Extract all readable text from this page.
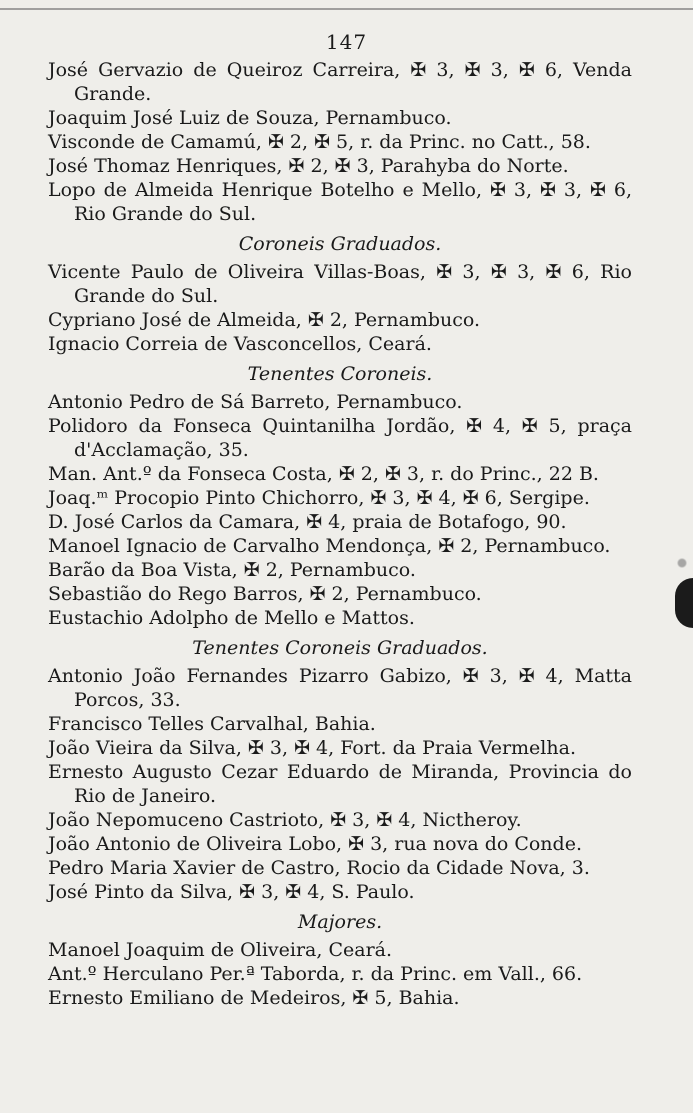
147
José Gervazio de Queiroz Carreira, ✠ 3, ✠ 3, ✠ 6, Venda Grande.
Joaquim José Luiz de Souza, Pernambuco.
Visconde de Camamú, ✠ 2, ✠ 5, r. da Princ. no Catt., 58.
José Thomaz Henriques, ✠ 2, ✠ 3, Parahyba do Norte.
Lopo de Almeida Henrique Botelho e Mello, ✠ 3, ✠ 3, ✠ 6, Rio Grande do Sul.
Coroneis Graduados.
Vicente Paulo de Oliveira Villas-Boas, ✠ 3, ✠ 3, ✠ 6, Rio Grande do Sul.
Cypriano José de Almeida, ✠ 2, Pernambuco.
Ignacio Correia de Vasconcellos, Ceará.
Tenentes Coroneis.
Antonio Pedro de Sá Barreto, Pernambuco.
Polidoro da Fonseca Quintanilha Jordão, ✠ 4, ✠ 5, praça d'Acclamação, 35.
Man. Ant.º da Fonseca Costa, ✠ 2, ✠ 3, r. do Princ., 22 B.
Joaq.ᵐ Procopio Pinto Chichorro, ✠ 3, ✠ 4, ✠ 6, Sergipe.
D. José Carlos da Camara, ✠ 4, praia de Botafogo, 90.
Manoel Ignacio de Carvalho Mendonça, ✠ 2, Pernambuco.
Barão da Boa Vista, ✠ 2, Pernambuco.
Sebastião do Rego Barros, ✠ 2, Pernambuco.
Eustachio Adolpho de Mello e Mattos.
Tenentes Coroneis Graduados.
Antonio João Fernandes Pizarro Gabizo, ✠ 3, ✠ 4, Matta Porcos, 33.
Francisco Telles Carvalhal, Bahia.
João Vieira da Silva, ✠ 3, ✠ 4, Fort. da Praia Vermelha.
Ernesto Augusto Cezar Eduardo de Miranda, Provincia do Rio de Janeiro.
João Nepomuceno Castrioto, ✠ 3, ✠ 4, Nictheroy.
João Antonio de Oliveira Lobo, ✠ 3, rua nova do Conde.
Pedro Maria Xavier de Castro, Rocio da Cidade Nova, 3.
José Pinto da Silva, ✠ 3, ✠ 4, S. Paulo.
Majores.
Manoel Joaquim de Oliveira, Ceará.
Ant.º Herculano Per.ª Taborda, r. da Princ. em Vall., 66.
Ernesto Emiliano de Medeiros, ✠ 5, Bahia.
